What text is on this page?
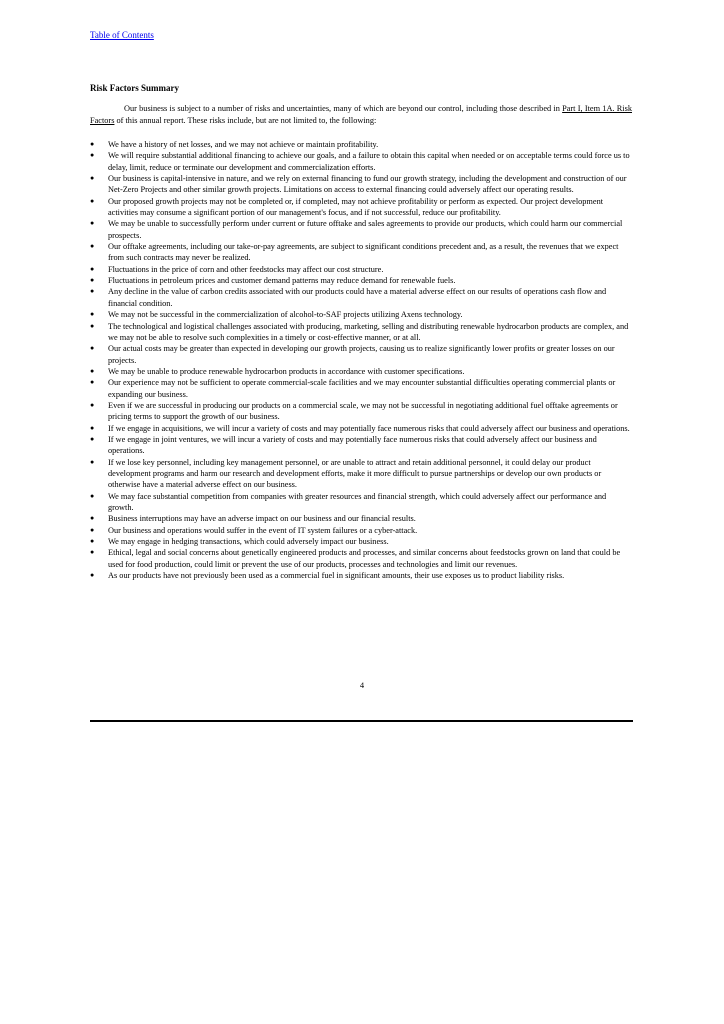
Table of Contents
Risk Factors Summary

Our business is subject to a number of risks and uncertainties, many of which are beyond our control, including those described in Part I, Item 1A. Risk Factors of this annual report. These risks include, but are not limited to, the following:

● We have a history of net losses, and we may not achieve or maintain profitability.
● We will require substantial additional financing to achieve our goals, and a failure to obtain this capital when needed or on acceptable terms could force us to delay, limit, reduce or terminate our development and commercialization efforts.
● Our business is capital-intensive in nature, and we rely on external financing to fund our growth strategy, including the development and construction of our Net-Zero Projects and other similar growth projects. Limitations on access to external financing could adversely affect our operating results.
● Our proposed growth projects may not be completed or, if completed, may not achieve profitability or perform as expected. Our project development activities may consume a significant portion of our management's focus, and if not successful, reduce our profitability.
● We may be unable to successfully perform under current or future offtake and sales agreements to provide our products, which could harm our commercial prospects.
● Our offtake agreements, including our take-or-pay agreements, are subject to significant conditions precedent and, as a result, the revenues that we expect from such contracts may never be realized.
● Fluctuations in the price of corn and other feedstocks may affect our cost structure.
● Fluctuations in petroleum prices and customer demand patterns may reduce demand for renewable fuels.
● Any decline in the value of carbon credits associated with our products could have a material adverse effect on our results of operations cash flow and financial condition.
● We may not be successful in the commercialization of alcohol-to-SAF projects utilizing Axens technology.
● The technological and logistical challenges associated with producing, marketing, selling and distributing renewable hydrocarbon products are complex, and we may not be able to resolve such complexities in a timely or cost-effective manner, or at all.
● Our actual costs may be greater than expected in developing our growth projects, causing us to realize significantly lower profits or greater losses on our projects.
● We may be unable to produce renewable hydrocarbon products in accordance with customer specifications.
● Our experience may not be sufficient to operate commercial-scale facilities and we may encounter substantial difficulties operating commercial plants or expanding our business.
● Even if we are successful in producing our products on a commercial scale, we may not be successful in negotiating additional fuel offtake agreements or pricing terms to support the growth of our business.
● If we engage in acquisitions, we will incur a variety of costs and may potentially face numerous risks that could adversely affect our business and operations.
● If we engage in joint ventures, we will incur a variety of costs and may potentially face numerous risks that could adversely affect our business and operations.
● If we lose key personnel, including key management personnel, or are unable to attract and retain additional personnel, it could delay our product development programs and harm our research and development efforts, make it more difficult to pursue partnerships or develop our own products or otherwise have a material adverse effect on our business.
● We may face substantial competition from companies with greater resources and financial strength, which could adversely affect our performance and growth.
● Business interruptions may have an adverse impact on our business and our financial results.
● Our business and operations would suffer in the event of IT system failures or a cyber-attack.
● We may engage in hedging transactions, which could adversely impact our business.
● Ethical, legal and social concerns about genetically engineered products and processes, and similar concerns about feedstocks grown on land that could be used for food production, could limit or prevent the use of our products, processes and technologies and limit our revenues.
● As our products have not previously been used as a commercial fuel in significant amounts, their use exposes us to product liability risks.
4
